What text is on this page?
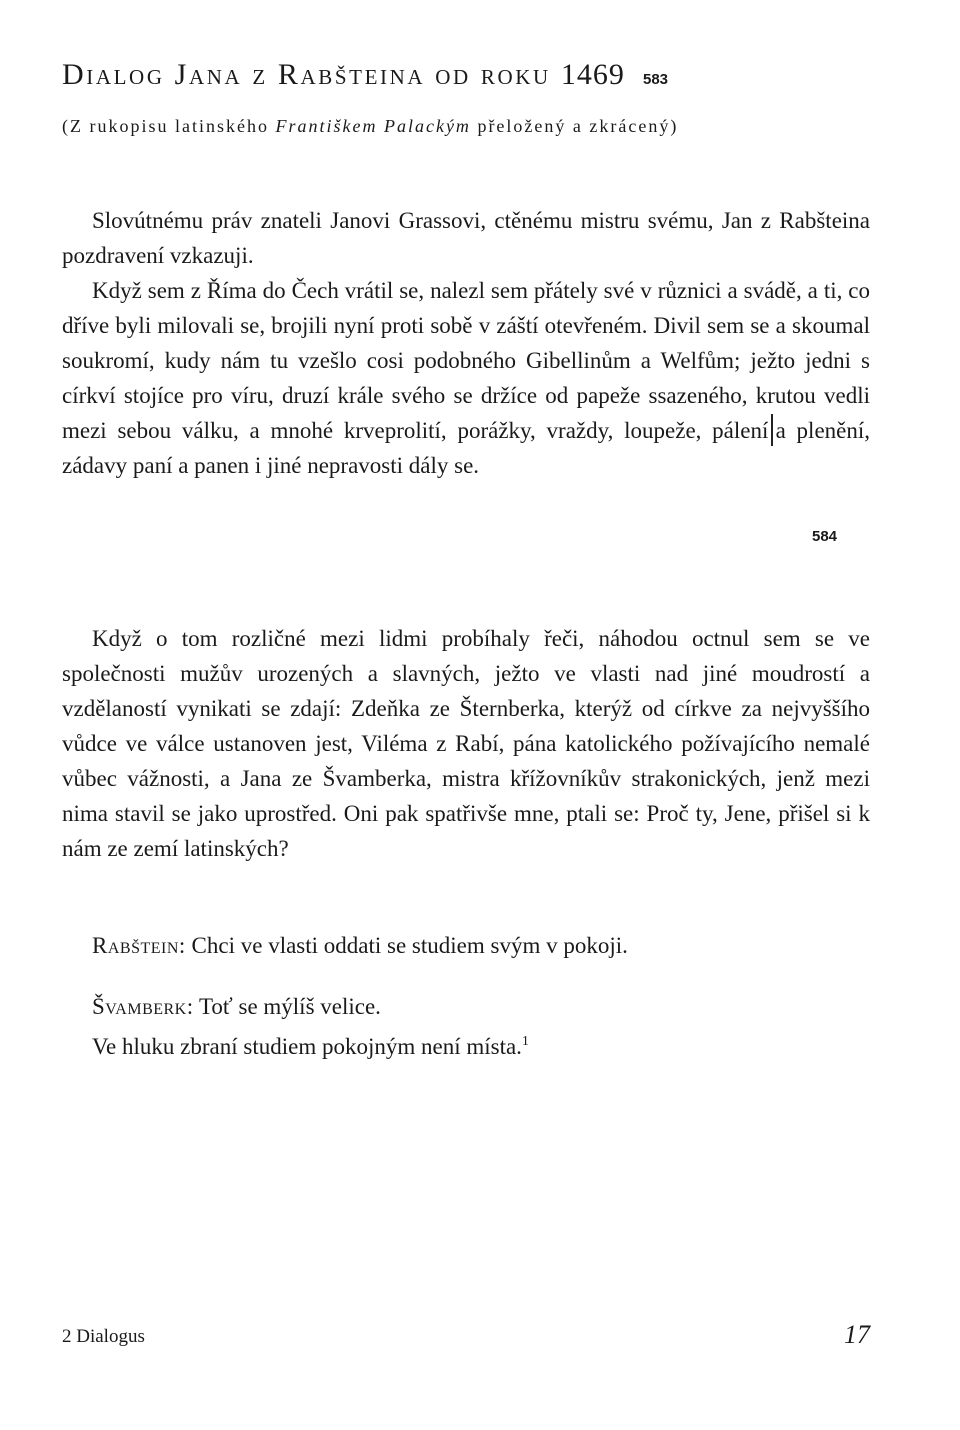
Dialog Jana z Rabšteina od roku 1469 583
(Z rukopisu latinského Františkem Palackým přeložený a zkrácený)

Slovútnému práv znateli Janovi Grassovi, ctěnému mistru svému, Jan z Rabšteina pozdravení vzkazuji.

Když sem z Říma do Čech vrátil se, nalezl sem přátely své v různici a svádě, a ti, co dříve byli milovali se, brojili nyní proti sobě v záští otevřeném. Divil sem se a skoumal soukromí, kudy nám tu vzešlo cosi podobného Gibellinům a Welfům; ježto jedni s církví stojíce pro víru, druzí krále svého se držíce od papeže ssazeného, krutou vedli mezi sebou válku, a mnohé krveprolití, porážky, vraždy, loupeže, pálení a plenění, zádavy paní a panen i jiné nepravosti dály se.

Když o tom rozličné mezi lidmi probíhaly řeči, náhodou octnul sem se ve společnosti mužův urozených a slavných, ježto ve vlasti nad jiné moudrostí a vzdělaností vynikati se zdají: Zdeňka ze Šternberka, kterýž od církve za nejvyššího vůdce ve válce ustanoven jest, Viléma z Rabí, pána katolického požívajícího nemalé vůbec vážnosti, a Jana ze Švamberka, mistra křížovníkův strakonických, jenž mezi nima stavil se jako uprostřed. Oni pak spatřivše mne, ptali se: Proč ty, Jene, přišel si k nám ze zemí latinských?

Rabštein: Chci ve vlasti oddati se studiem svým v pokoji.
Švamberk: Toť se mýlíš velice.
Ve hluku zbraní studiem pokojným není místa.$^1$
584
2 Dialogus	17
